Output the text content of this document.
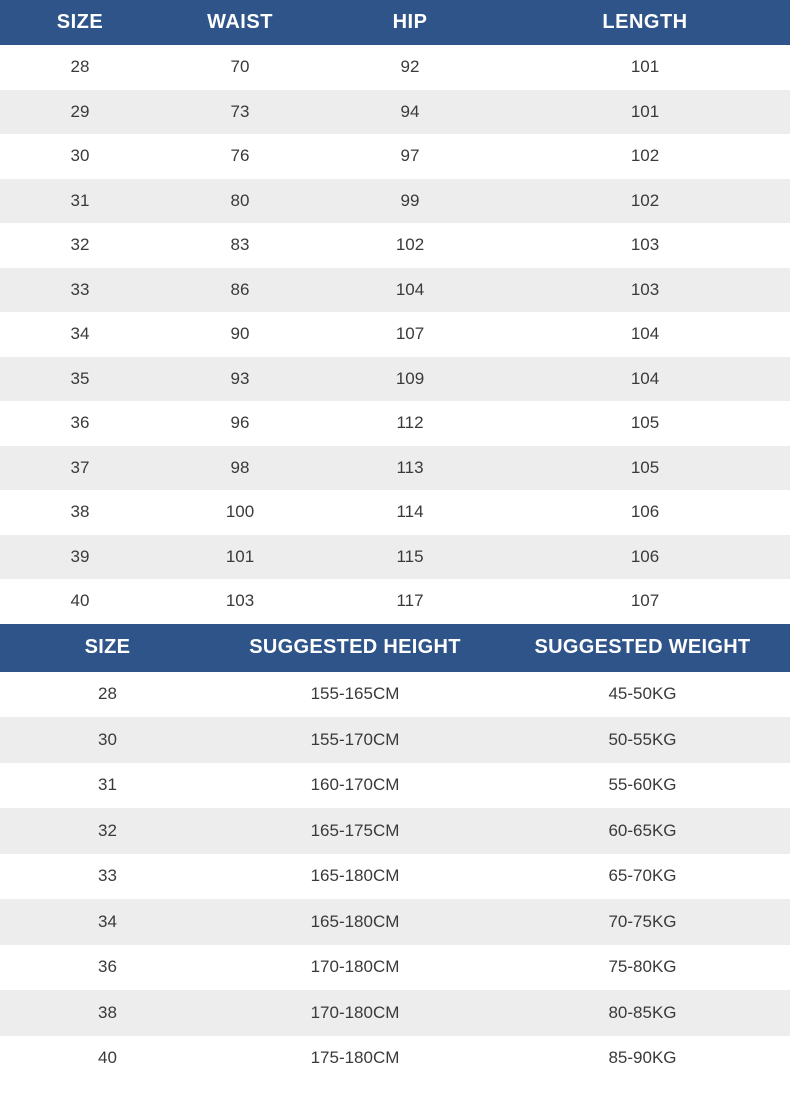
SIZE	WAIST	HIP	LENGTH
28	70	92	101
29	73	94	101
30	76	97	102
31	80	99	102
32	83	102	103
33	86	104	103
34	90	107	104
35	93	109	104
36	96	112	105
37	98	113	105
38	100	114	106
39	101	115	106
40	103	117	107
SIZE	SUGGESTED HEIGHT	SUGGESTED WEIGHT
28	155-165CM	45-50KG
30	155-170CM	50-55KG
31	160-170CM	55-60KG
32	165-175CM	60-65KG
33	165-180CM	65-70KG
34	165-180CM	70-75KG
36	170-180CM	75-80KG
38	170-180CM	80-85KG
40	175-180CM	85-90KG
